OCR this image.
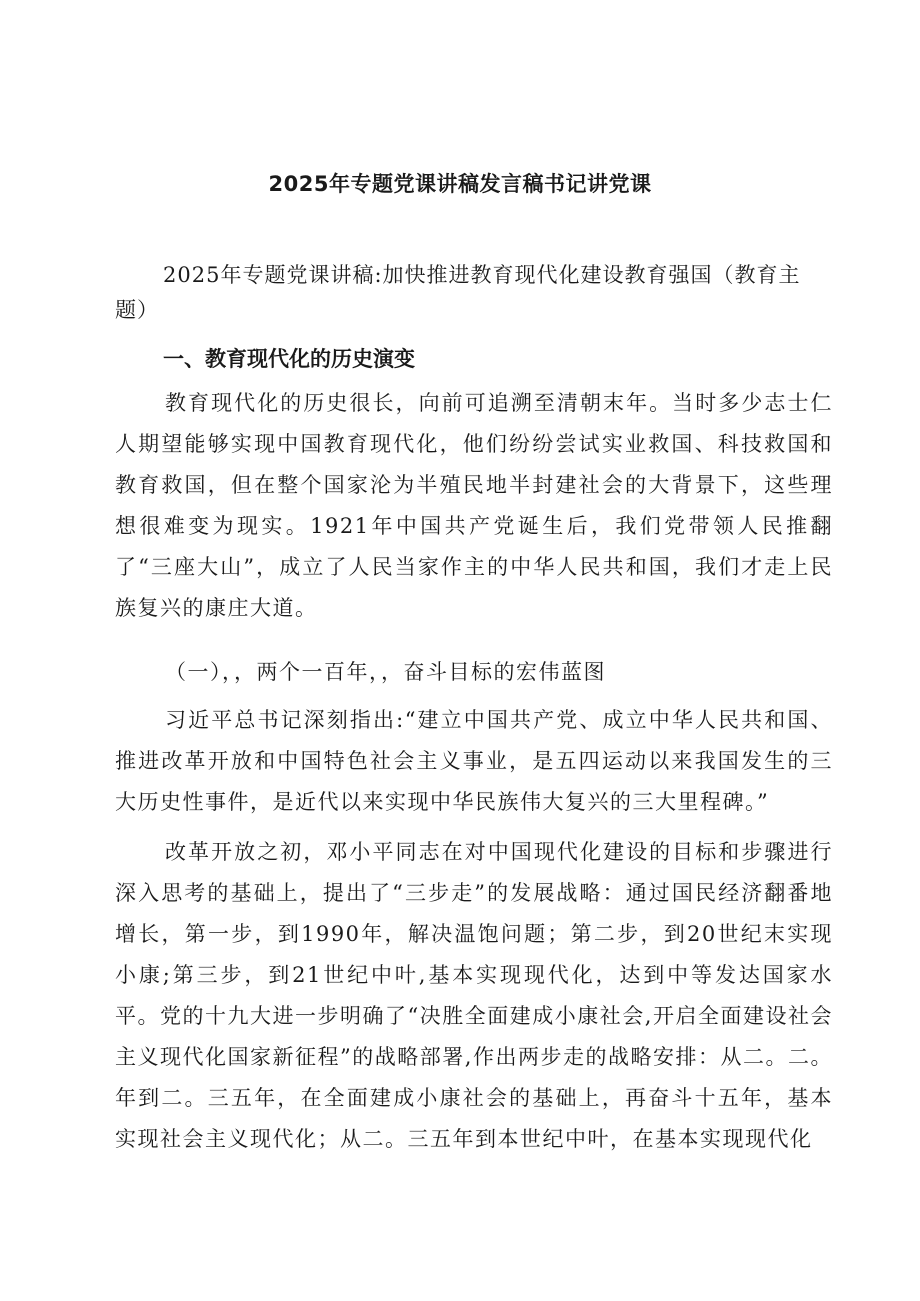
2025年专题党课讲稿发言稿书记讲党课
2025年专题党课讲稿:加快推进教育现代化建设教育强国（教育主题）
一、教育现代化的历史演变

教育现代化的历史很长，向前可追溯至清朝末年。当时多少志士仁人期望能够实现中国教育现代化，他们纷纷尝试实业救国、科技救国和教育救国，但在整个国家沦为半殖民地半封建社会的大背景下，这些理想很难变为现实。1921年中国共产党诞生后，我们党带领人民推翻了“三座大山”，成立了人民当家作主的中华人民共和国，我们才走上民族复兴的康庄大道。

（一），，两个一百年，，奋斗目标的宏伟蓝图

习近平总书记深刻指出:“建立中国共产党、成立中华人民共和国、推进改革开放和中国特色社会主义事业，是五四运动以来我国发生的三大历史性事件，是近代以来实现中华民族伟大复兴的三大里程碑。”

改革开放之初，邓小平同志在对中国现代化建设的目标和步骤进行深入思考的基础上，提出了“三步走”的发展战略：通过国民经济翻番地增长，第一步，到1990年，解决温饱问题；第二步，到20世纪末实现小康;第三步，到21世纪中叶,基本实现现代化，达到中等发达国家水平。党的十九大进一步明确了“决胜全面建成小康社会,开启全面建设社会主义现代化国家新征程”的战略部署,作出两步走的战略安排：从二。二。年到二。三五年，在全面建成小康社会的基础上，再奋斗十五年，基本实现社会主义现代化；从二。三五年到本世纪中叶，在基本实现现代化
